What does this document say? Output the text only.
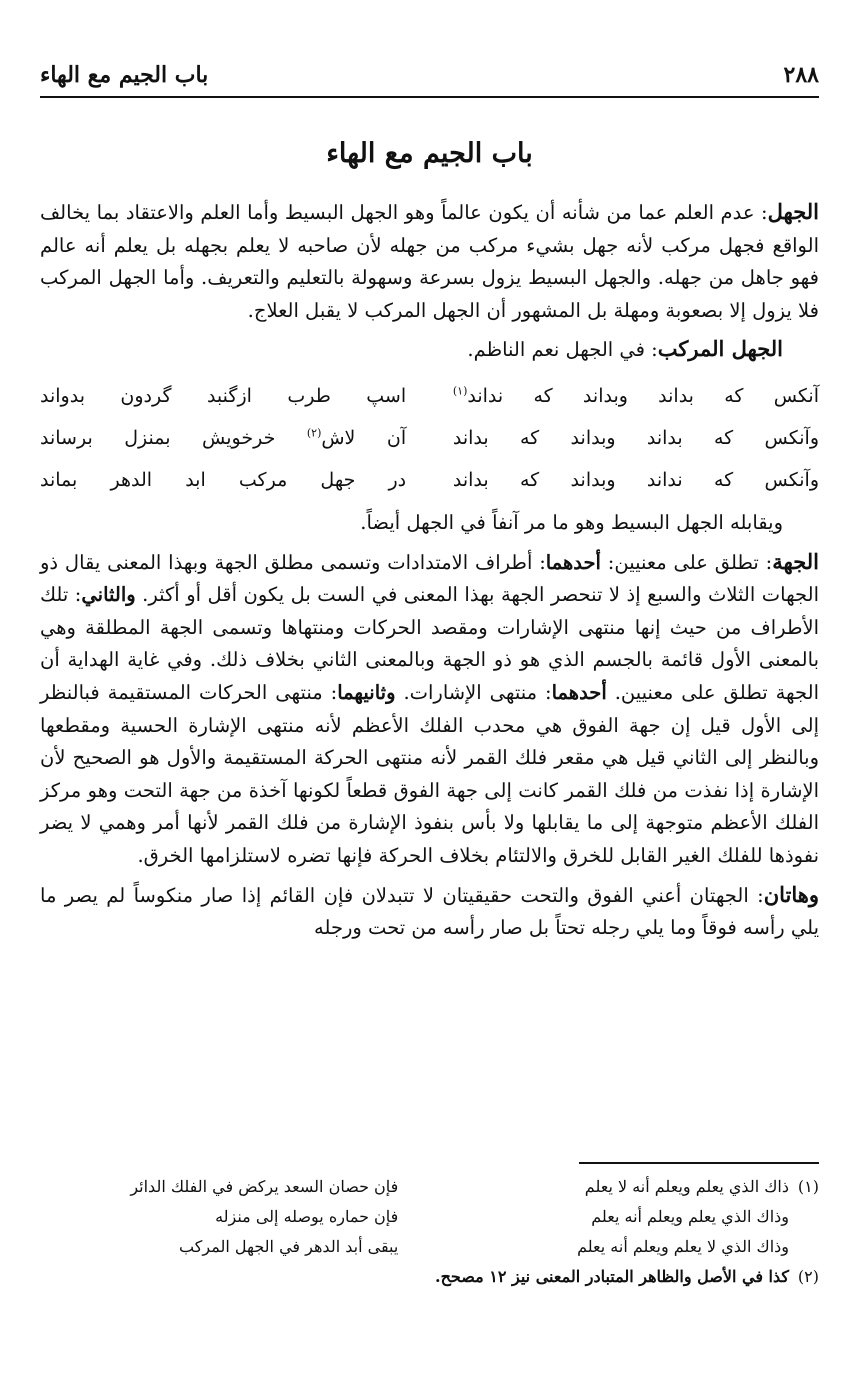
٢٨٨
باب الجيم مع الهاء
باب الجيم مع الهاء

الجهل: عدم العلم عما من شأنه أن يكون عالماً وهو الجهل البسيط وأما العلم والاعتقاد بما يخالف الواقع فجهل مركب لأنه جهل بشيء مركب من جهله لأن صاحبه لا يعلم بجهله بل يعلم أنه عالم فهو جاهل من جهله. والجهل البسيط يزول بسرعة وسهولة بالتعليم والتعريف. وأما الجهل المركب فلا يزول إلا بصعوبة ومهلة بل المشهور أن الجهل المركب لا يقبل العلاج.

الجهل المركب: في الجهل نعم الناظم.

آنكس كه بداند وبداند كه نداند$^{(١)}$
اسپ طرب ازگنبد گردون بدواند
وآنكس كه بداند وبداند كه بداند
آن لاش$^{(٢)}$ خرخويش بمنزل برساند
وآنكس كه نداند وبداند كه بداند
در جهل مركب ابد الدهر بماند

ويقابله الجهل البسيط وهو ما مر آنفاً في الجهل أيضاً.

الجهة: تطلق على معنيين: أحدهما: أطراف الامتدادات وتسمى مطلق الجهة وبهذا المعنى يقال ذو الجهات الثلاث والسبع إذ لا تنحصر الجهة بهذا المعنى في الست بل يكون أقل أو أكثر. والثاني: تلك الأطراف من حيث إنها منتهى الإشارات ومقصد الحركات ومنتهاها وتسمى الجهة المطلقة وهي بالمعنى الأول قائمة بالجسم الذي هو ذو الجهة وبالمعنى الثاني بخلاف ذلك. وفي غاية الهداية أن الجهة تطلق على معنيين. أحدهما: منتهى الإشارات. وثانيهما: منتهى الحركات المستقيمة فبالنظر إلى الأول قيل إن جهة الفوق هي محدب الفلك الأعظم لأنه منتهى الإشارة الحسية ومقطعها وبالنظر إلى الثاني قيل هي مقعر فلك القمر لأنه منتهى الحركة المستقيمة والأول هو الصحيح لأن الإشارة إذا نفذت من فلك القمر كانت إلى جهة الفوق قطعاً لكونها آخذة من جهة التحت وهو مركز الفلك الأعظم متوجهة إلى ما يقابلها ولا بأس بنفوذ الإشارة من فلك القمر لأنها أمر وهمي لا يضر نفوذها للفلك الغير القابل للخرق والالتئام بخلاف الحركة فإنها تضره لاستلزامها الخرق.

وهاتان: الجهتان أعني الفوق والتحت حقيقيتان لا تتبدلان فإن القائم إذا صار منكوساً لم يصر ما يلي رأسه فوقاً وما يلي رجله تحتاً بل صار رأسه من تحت ورجله

(١)
ذاك الذي يعلم ويعلم أنه لا يعلم
فإن حصان السعد يركض في الفلك الدائر
وذاك الذي يعلم ويعلم أنه يعلم
فإن حماره يوصله إلى منزله
وذاك الذي لا يعلم ويعلم أنه يعلم
يبقى أبد الدهر في الجهل المركب
(٢)
كذا في الأصل والظاهر المتبادر المعنى نيز ١٢ مصحح.
